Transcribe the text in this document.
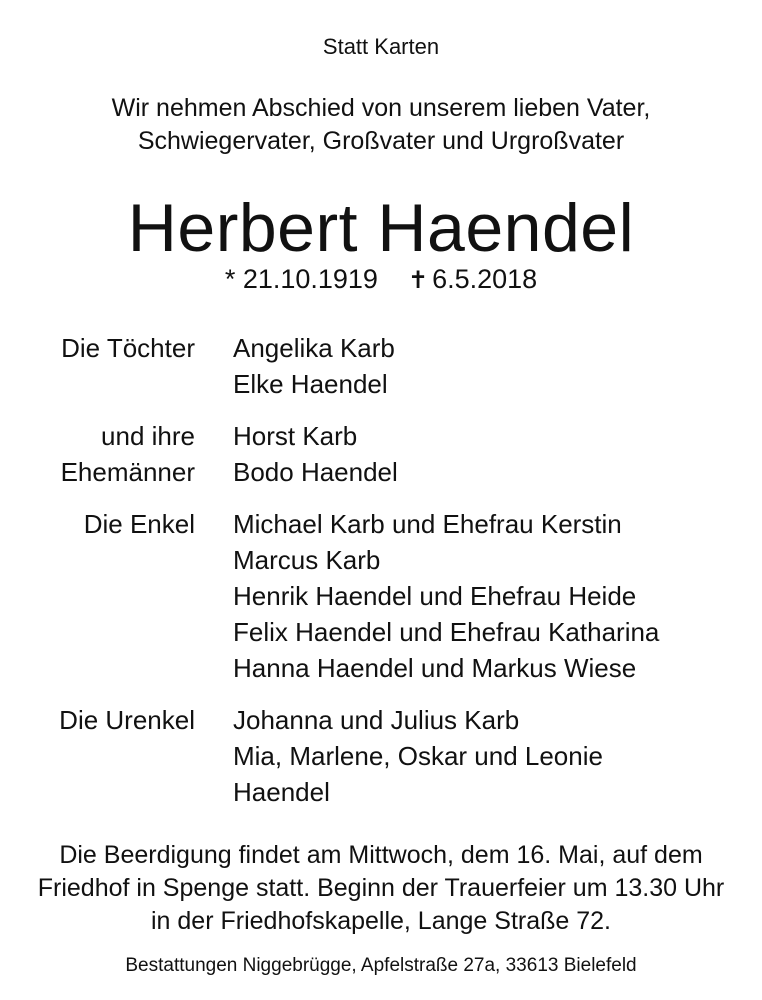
Statt Karten
Wir nehmen Abschied von unserem lieben Vater,
Schwiegervater, Großvater und Urgroßvater
Herbert Haendel
* 21.10.1919 ✝ 6.5.2018
Die Töchter Angelika Karb
Elke Haendel
und ihre
Ehemänner
Horst Karb
Bodo Haendel
Die Enkel Michael Karb und Ehefrau Kerstin
Marcus Karb
Henrik Haendel und Ehefrau Heide
Felix Haendel und Ehefrau Katharina
Hanna Haendel und Markus Wiese
Die Urenkel Johanna und Julius Karb
Mia, Marlene, Oskar und Leonie
Haendel
Die Beerdigung findet am Mittwoch, dem 16. Mai, auf dem
Friedhof in Spenge statt. Beginn der Trauerfeier um 13.30 Uhr
in der Friedhofskapelle, Lange Straße 72.
Bestattungen Niggebrügge, Apfelstraße 27a, 33613 Bielefeld
